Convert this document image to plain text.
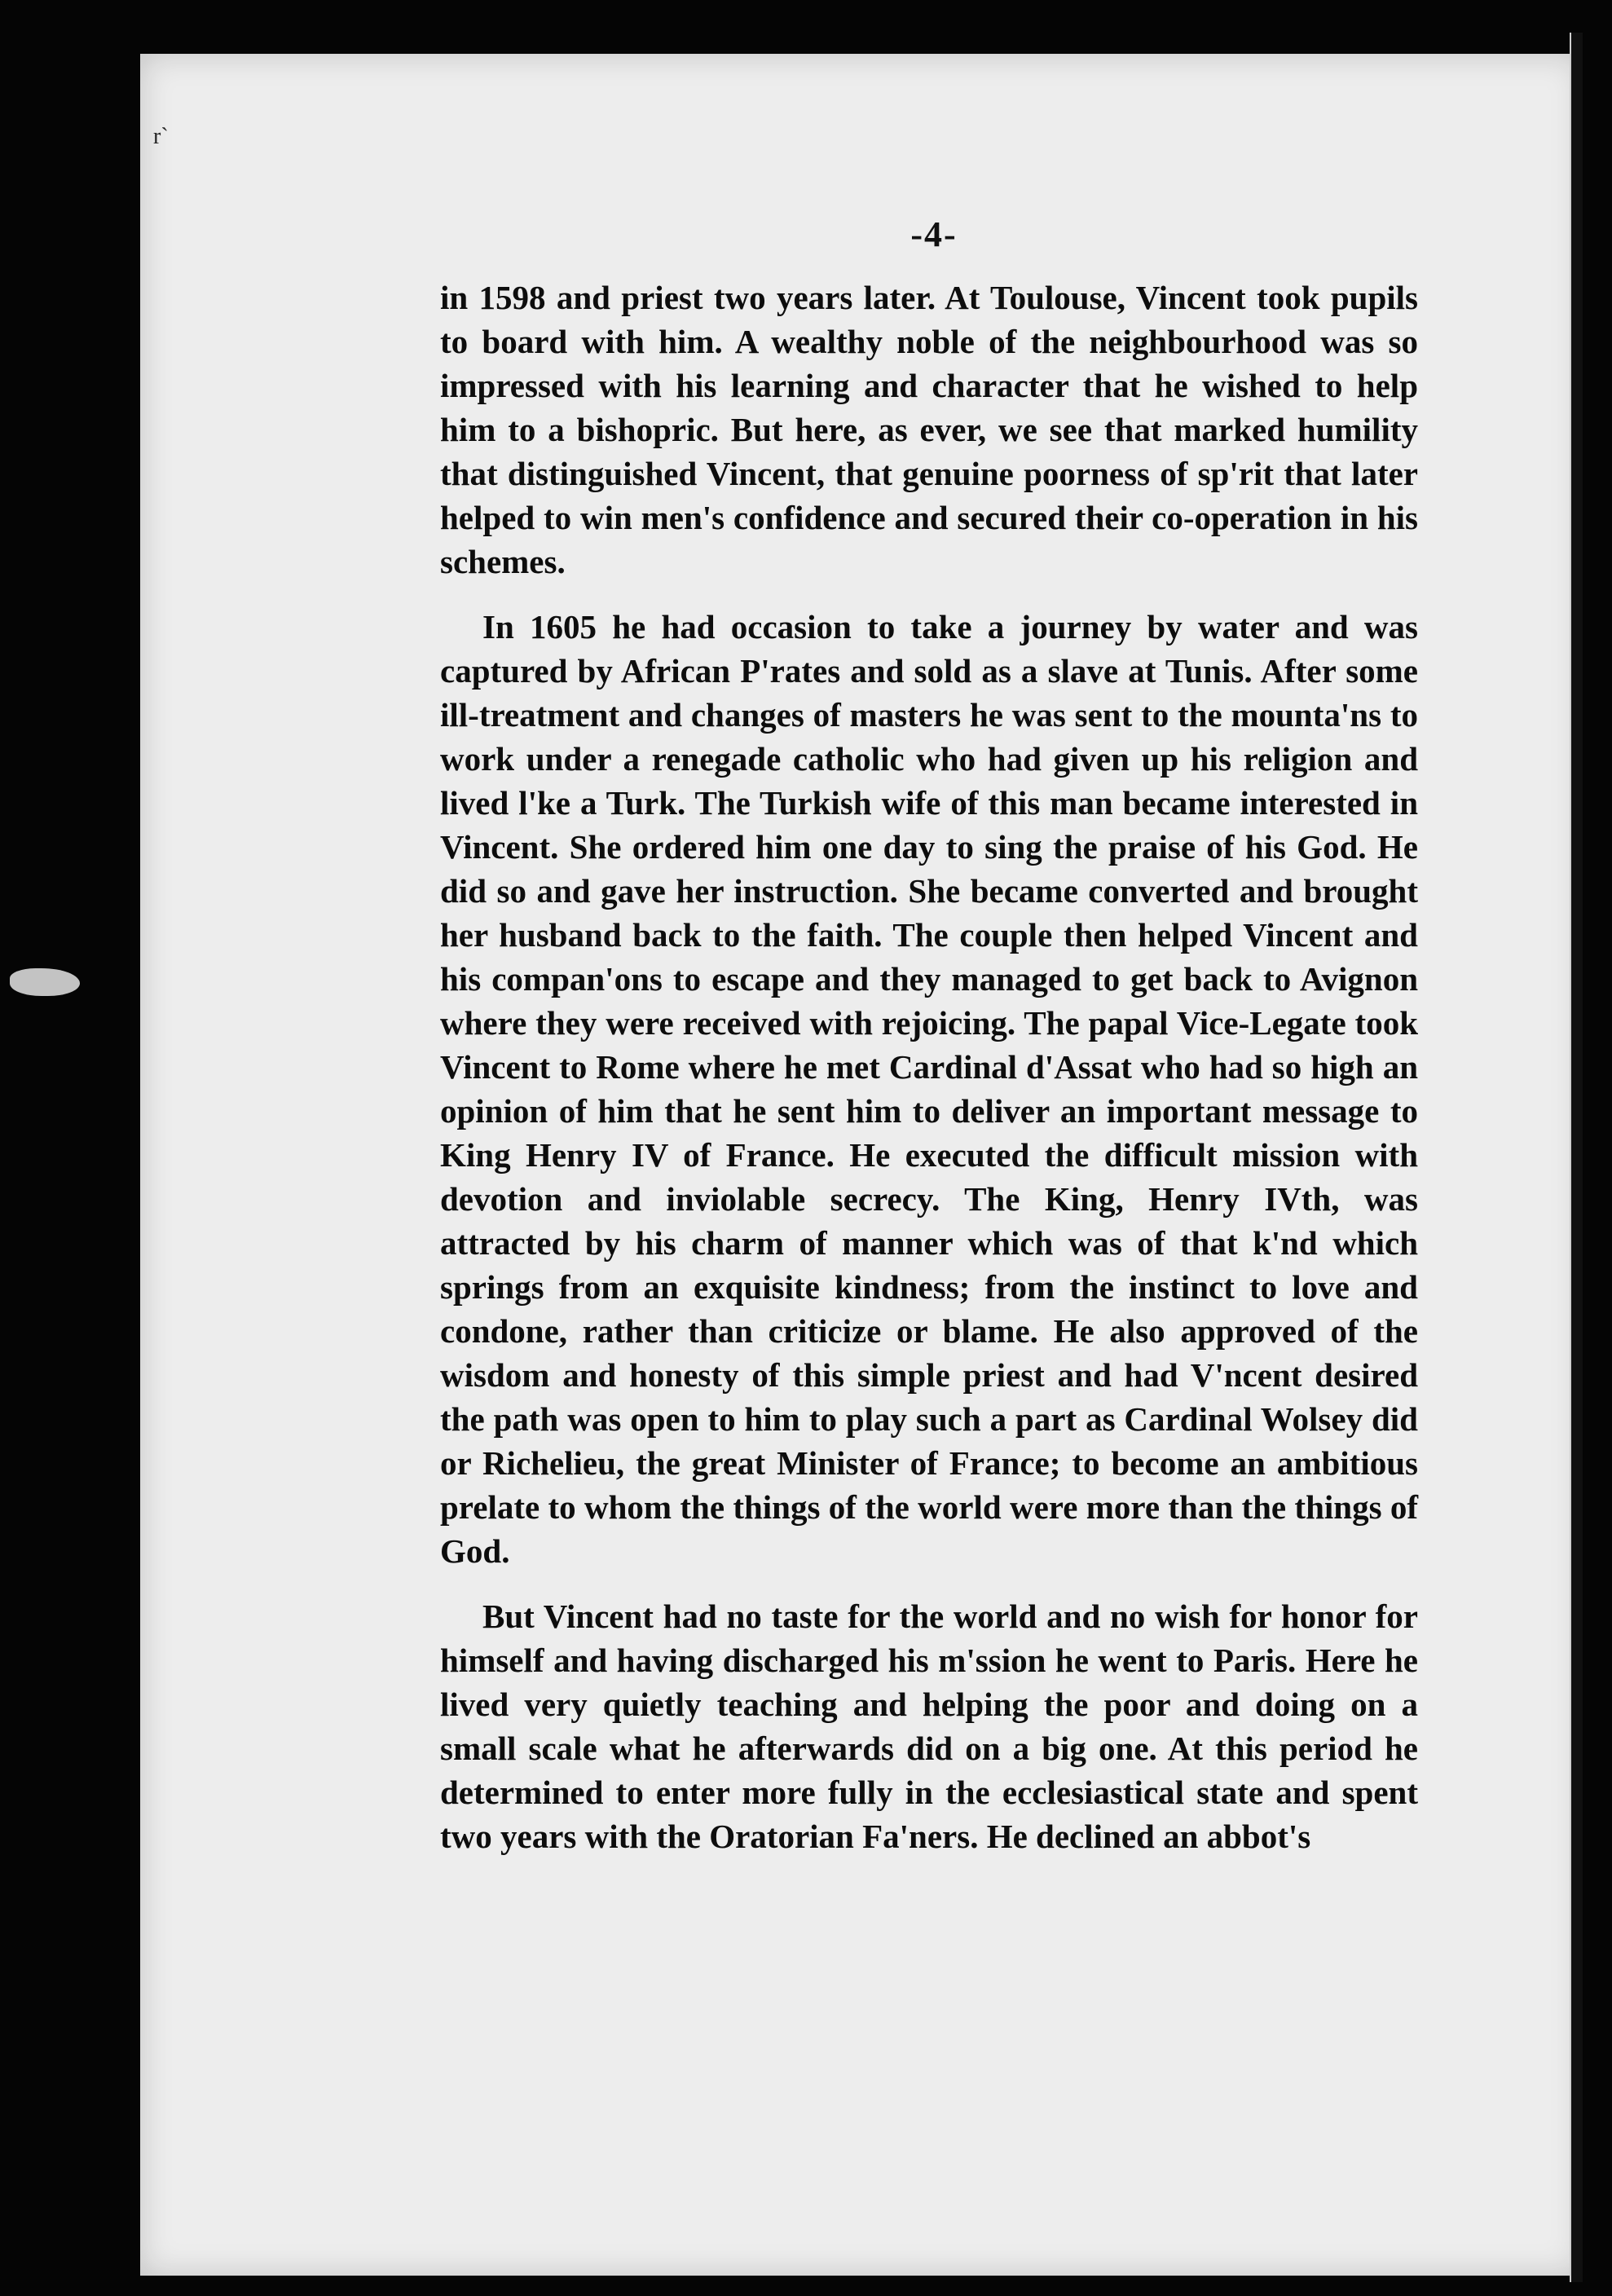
r`
-4-

in 1598 and priest two years later. At Toulouse, Vincent took pupils to board with him. A wealthy noble of the neighbourhood was so impressed with his learning and character that he wished to help him to a bishopric. But here, as ever, we see that marked humility that distinguished Vincent, that genuine poorness of sp'rit that later helped to win men's confidence and secured their co-operation in his schemes.

In 1605 he had occasion to take a journey by water and was captured by African P'rates and sold as a slave at Tunis. After some ill-treatment and changes of masters he was sent to the mounta'ns to work under a renegade catholic who had given up his religion and lived l'ke a Turk. The Turkish wife of this man became interested in Vincent. She ordered him one day to sing the praise of his God. He did so and gave her instruction. She became converted and brought her husband back to the faith. The couple then helped Vincent and his compan'ons to escape and they managed to get back to Avignon where they were received with rejoicing. The papal Vice-Legate took Vincent to Rome where he met Cardinal d'Assat who had so high an opinion of him that he sent him to deliver an important message to King Henry IV of France. He executed the difficult mission with devotion and inviolable secrecy. The King, Henry IVth, was attracted by his charm of manner which was of that k'nd which springs from an exquisite kindness; from the instinct to love and condone, rather than criticize or blame. He also approved of the wisdom and honesty of this simple priest and had V'ncent desired the path was open to him to play such a part as Cardinal Wolsey did or Richelieu, the great Minister of France; to become an ambitious prelate to whom the things of the world were more than the things of God.

But Vincent had no taste for the world and no wish for honor for himself and having discharged his m'ssion he went to Paris. Here he lived very quietly teaching and helping the poor and doing on a small scale what he afterwards did on a big one. At this period he determined to enter more fully in the ecclesiastical state and spent two years with the Oratorian Fa'ners. He declined an abbot's
